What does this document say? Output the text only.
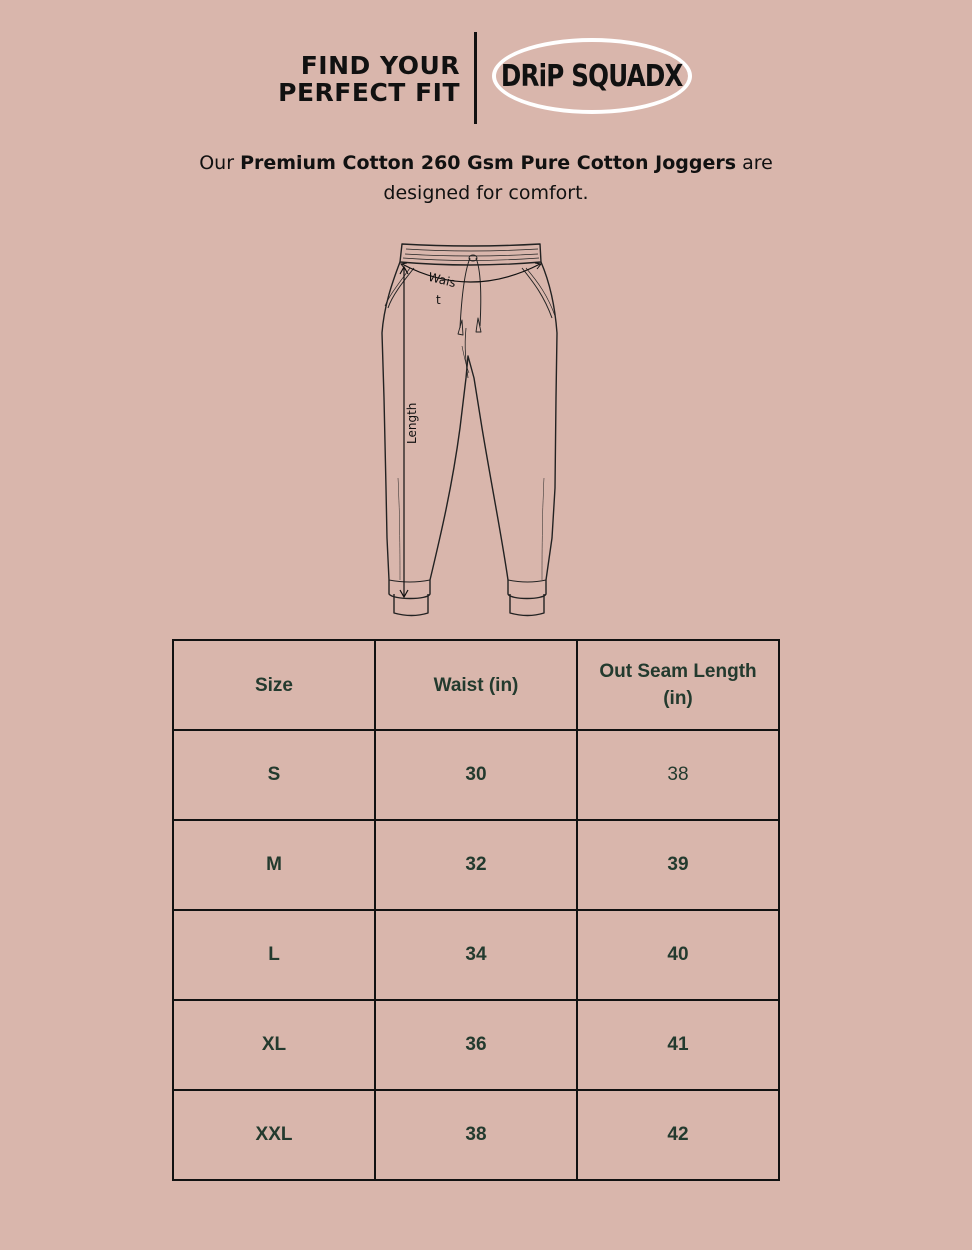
FIND YOUR
PERFECT FIT DRiP SQUADX
Our Premium Cotton 260 Gsm Pure Cotton Joggers are designed for comfort.
Wais
t
Length
Size	Waist (in)	Out Seam Length (in)
S	30	38
M	32	39
L	34	40
XL	36	41
XXL	38	42
